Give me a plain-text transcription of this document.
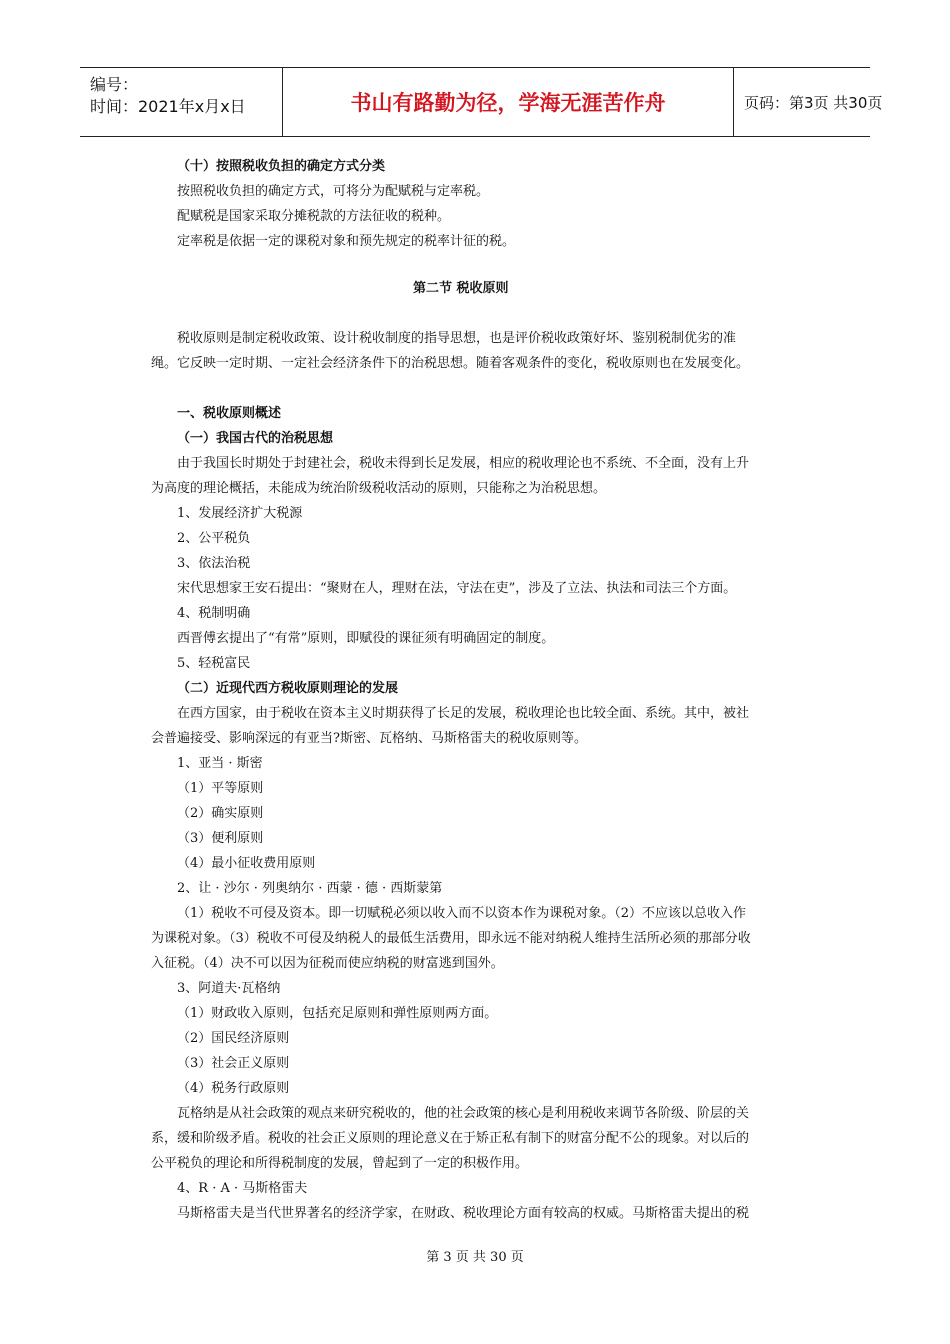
编号：
时间：2021年x月x日	书山有路勤为径，学海无涯苦作舟	页码：第3页 共30页
（十）按照税收负担的确定方式分类
按照税收负担的确定方式，可将分为配赋税与定率税。
配赋税是国家采取分摊税款的方法征收的税种。
定率税是依据一定的课税对象和预先规定的税率计征的税。
第二节 税收原则
税收原则是制定税收政策、设计税收制度的指导思想，也是评价税收政策好坏、鉴别税制优劣的准
绳。它反映一定时期、一定社会经济条件下的治税思想。随着客观条件的变化，税收原则也在发展变化。
一、税收原则概述
（一）我国古代的治税思想
由于我国长时期处于封建社会，税收未得到长足发展，相应的税收理论也不系统、不全面，没有上升
为高度的理论概括，未能成为统治阶级税收活动的原则，只能称之为治税思想。
1、发展经济扩大税源
2、公平税负
3、依法治税
宋代思想家王安石提出：“聚财在人，理财在法，守法在吏”，涉及了立法、执法和司法三个方面。
4、税制明确
西晋傅玄提出了“有常”原则，即赋役的课征须有明确固定的制度。
5、轻税富民
（二）近现代西方税收原则理论的发展
在西方国家，由于税收在资本主义时期获得了长足的发展，税收理论也比较全面、系统。其中，被社
会普遍接受、影响深远的有亚当?斯密、瓦格纳、马斯格雷夫的税收原则等。
1、亚当 · 斯密
（1）平等原则
（2）确实原则
（3）便利原则
（4）最小征收费用原则
2、让 · 沙尔 · 列奥纳尔 · 西蒙 · 德 · 西斯蒙第
（1）税收不可侵及资本。即一切赋税必须以收入而不以资本作为课税对象。（2）不应该以总收入作
为课税对象。（3）税收不可侵及纳税人的最低生活费用，即永远不能对纳税人维持生活所必须的那部分收
入征税。（4）决不可以因为征税而使应纳税的财富逃到国外。
3、阿道夫·瓦格纳
（1）财政收入原则，包括充足原则和弹性原则两方面。
（2）国民经济原则
（3）社会正义原则
（4）税务行政原则
瓦格纳是从社会政策的观点来研究税收的，他的社会政策的核心是利用税收来调节各阶级、阶层的关
系，缓和阶级矛盾。税收的社会正义原则的理论意义在于矫正私有制下的财富分配不公的现象。对以后的
公平税负的理论和所得税制度的发展，曾起到了一定的积极作用。
4、R · A · 马斯格雷夫
马斯格雷夫是当代世界著名的经济学家，在财政、税收理论方面有较高的权威。马斯格雷夫提出的税
第 3 页 共 30 页
